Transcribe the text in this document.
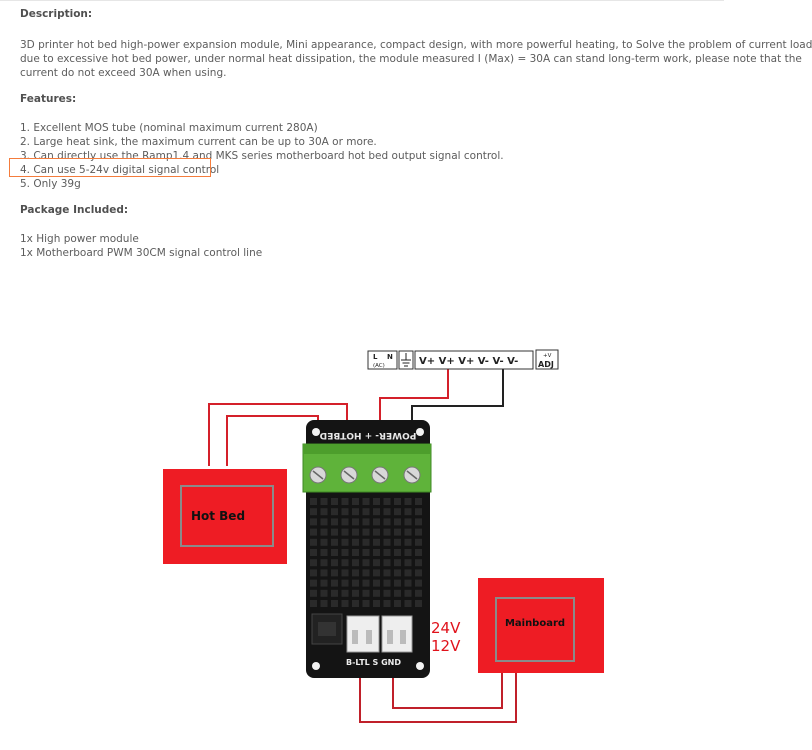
Description:
3D printer hot bed high-power expansion module, Mini appearance, compact design, with more powerful heating, to Solve the problem of current load
due to excessive hot bed power, under normal heat dissipation, the module measured I (Max) = 30A can stand long-term work, please note that the
current do not exceed 30A when using.
Features:
1. Excellent MOS tube (nominal maximum current 280A)
2. Large heat sink, the maximum current can be up to 30A or more.
3. Can directly use the Ramp1.4 and MKS series motherboard hot bed output signal control.
4. Can use 5-24v digital signal control
5. Only 39g
Package Included:
1x High power module
1x Motherboard PWM 30CM signal control line
L N
(AC)	V+ V+ V+ V- V- V-	+V
ADJ
POWER- + HOTBED
B-LTL S GND
24V
12V
Hot Bed
Mainboard
